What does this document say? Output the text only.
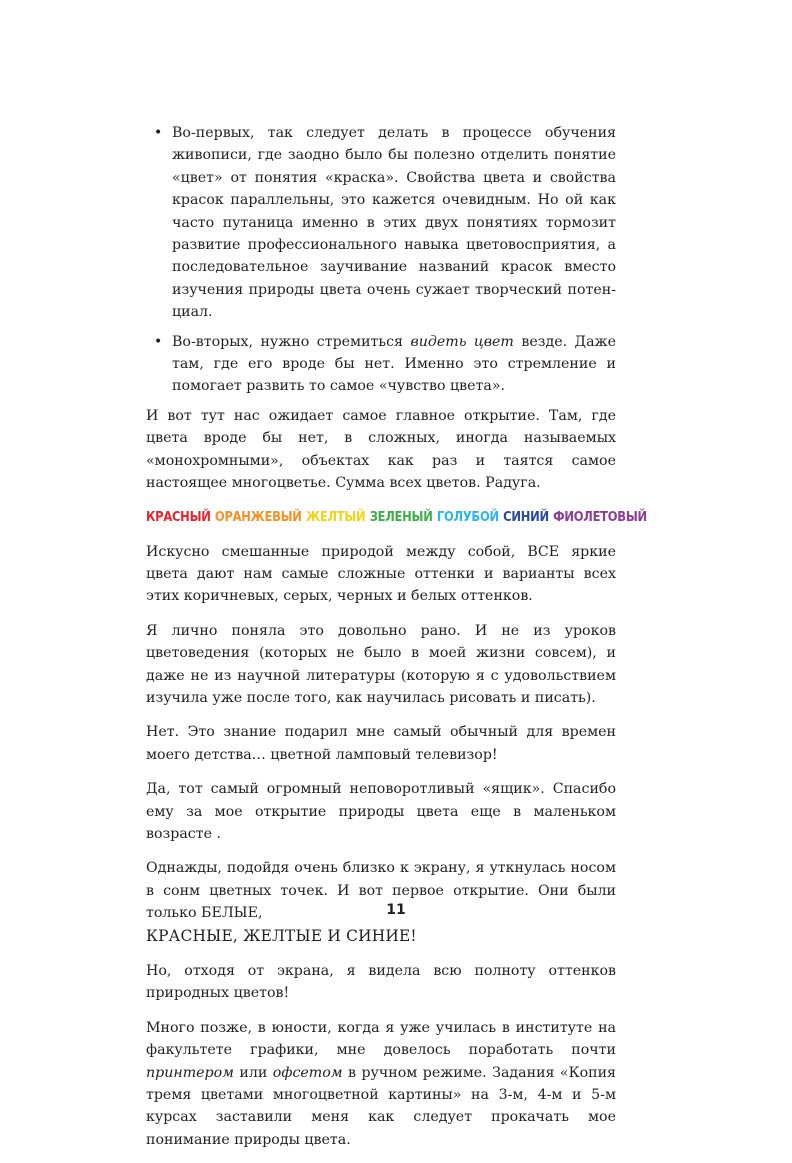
• Во-первых, так следует делать в процессе обучения живописи, где заодно было бы полезно отделить понятие «цвет» от понятия «краска». Свойства цвета и свойства красок параллельны, это кажется очевидным. Но ой как часто путаница именно в этих двух понятиях тормозит развитие профессионального навыка цветовосприятия, а последовательное заучивание названий красок вместо изучения природы цвета очень сужает творческий потенциал.
• Во-вторых, нужно стремиться видеть цвет везде. Даже там, где его вроде бы нет. Именно это стремление и помогает развить то самое «чувство цвета».

И вот тут нас ожидает самое главное открытие. Там, где цвета вроде бы нет, в сложных, иногда называемых «монохромными», объектах как раз и таятся самое настоящее многоцветье. Сумма всех цветов. Радуга.

КРАСНЫЙ ОРАНЖЕВЫЙ ЖЕЛТЫЙ ЗЕЛЕНЫЙ ГОЛУБОЙ СИНИЙ ФИОЛЕТОВЫЙ

Искусно смешанные природой между собой, ВСЕ яркие цвета дают нам самые сложные оттенки и варианты всех этих коричневых, серых, черных и белых оттенков.

Я лично поняла это довольно рано. И не из уроков цветоведения (которых не было в моей жизни совсем), и даже не из научной литературы (которую я с удовольствием изучила уже после того, как научилась рисовать и писать).

Нет. Это знание подарил мне самый обычный для времен моего детства… цветной ламповый телевизор!

Да, тот самый огромный неповоротливый «ящик». Спасибо ему за мое открытие природы цвета еще в маленьком возрасте .

Однажды, подойдя очень близко к экрану, я уткнулась носом в сонм цветных точек. И вот первое открытие. Они были только БЕЛЫЕ,
КРАСНЫЕ, ЖЕЛТЫЕ И СИНИЕ!

Но, отходя от экрана, я видела всю полноту оттенков природных цветов!

Много позже, в юности, когда я уже училась в институте на факультете графики, мне довелось поработать почти принтером или офсетом в ручном режиме. Задания «Копия тремя цветами многоцветной картины» на 3-м, 4-м и 5-м курсах заставили меня как следует прокачать мое понимание природы цвета.

11
